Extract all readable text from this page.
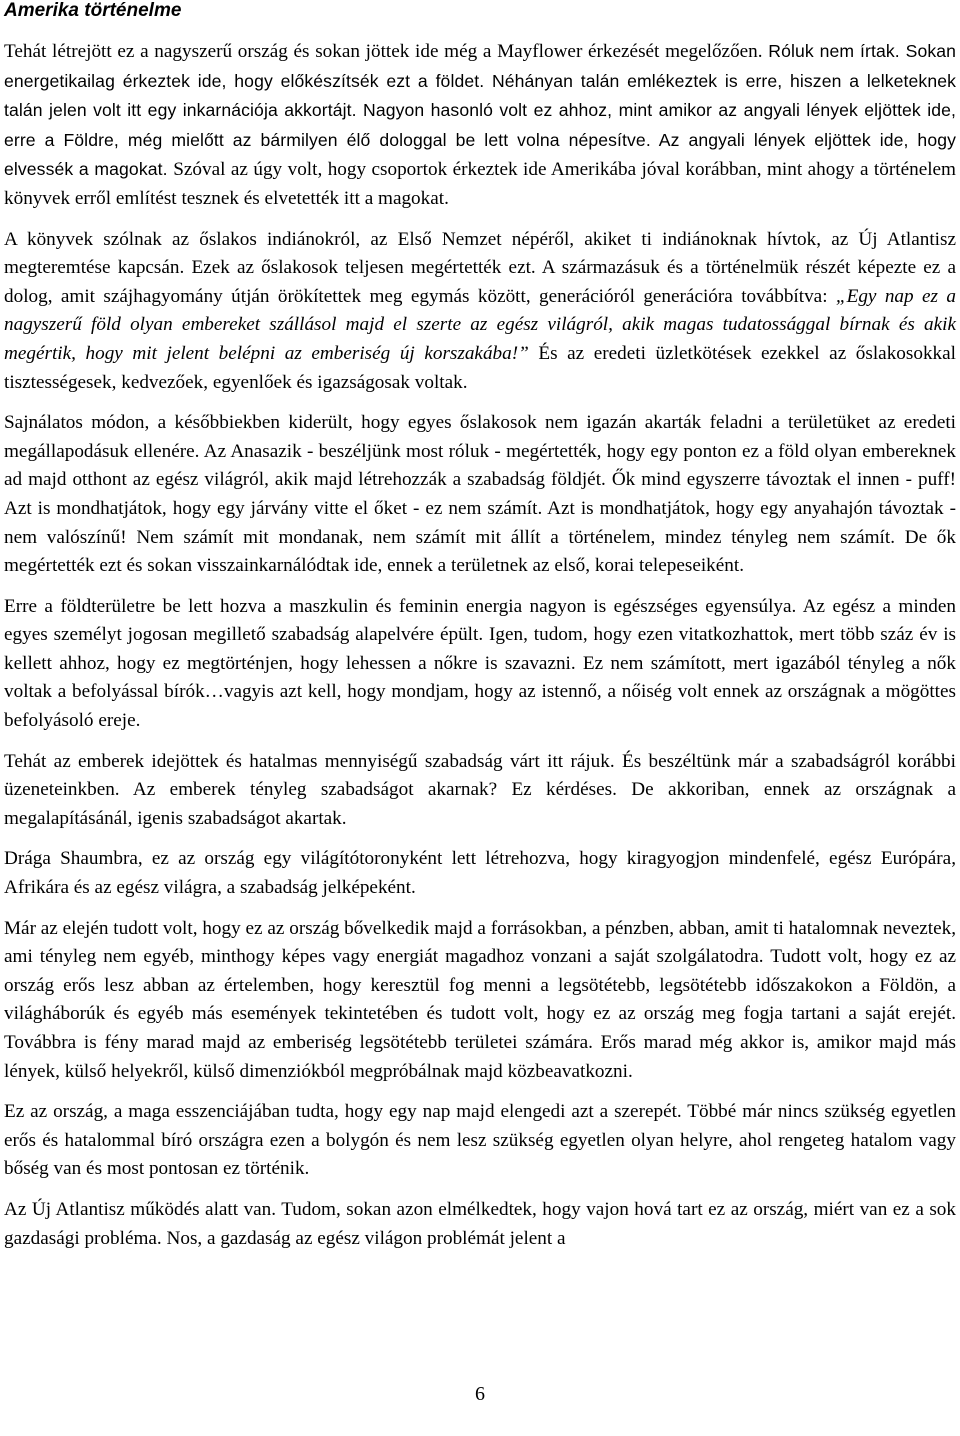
Amerika történelme

Tehát létrejött ez a nagyszerű ország és sokan jöttek ide még a Mayflower érkezését megelőzően. Róluk nem írtak. Sokan energetikailag érkeztek ide, hogy előkészítsék ezt a földet. Néhányan talán emlékeztek is erre, hiszen a lelketeknek talán jelen volt itt egy inkarnációja akkortájt. Nagyon hasonló volt ez ahhoz, mint amikor az angyali lények eljöttek ide, erre a Földre, még mielőtt az bármilyen élő dologgal be lett volna népesítve. Az angyali lények eljöttek ide, hogy elvessék a magokat. Szóval az úgy volt, hogy csoportok érkeztek ide Amerikába jóval korábban, mint ahogy a történelem könyvek erről említést tesznek és elvetették itt a magokat.

A könyvek szólnak az őslakos indiánokról, az Első Nemzet népéről, akiket ti indiánoknak hívtok, az Új Atlantisz megteremtése kapcsán. Ezek az őslakosok teljesen megértették ezt. A származásuk és a történelmük részét képezte ez a dolog, amit szájhagyomány útján örökítettek meg egymás között, generációról generációra továbbítva: „Egy nap ez a nagyszerű föld olyan embereket szállásol majd el szerte az egész világról, akik magas tudatossággal bírnak és akik megértik, hogy mit jelent belépni az emberiség új korszakába!” És az eredeti üzletkötések ezekkel az őslakosokkal tisztességesek, kedvezőek, egyenlőek és igazságosak voltak.

Sajnálatos módon, a későbbiekben kiderült, hogy egyes őslakosok nem igazán akarták feladni a területüket az eredeti megállapodásuk ellenére. Az Anasazik - beszéljünk most róluk - megértették, hogy egy ponton ez a föld olyan embereknek ad majd otthont az egész világról, akik majd létrehozzák a szabadság földjét. Ők mind egyszerre távoztak el innen - puff! Azt is mondhatjátok, hogy egy járvány vitte el őket - ez nem számít. Azt is mondhatjátok, hogy egy anyahajón távoztak - nem valószínű! Nem számít mit mondanak, nem számít mit állít a történelem, mindez tényleg nem számít. De ők megértették ezt és sokan visszainkarnálódtak ide, ennek a területnek az első, korai telepeseiként.

Erre a földterületre be lett hozva a maszkulin és feminin energia nagyon is egészséges egyensúlya. Az egész a minden egyes személyt jogosan megillető szabadság alapelvére épült. Igen, tudom, hogy ezen vitatkozhattok, mert több száz év is kellett ahhoz, hogy ez megtörténjen, hogy lehessen a nőkre is szavazni. Ez nem számított, mert igazából tényleg a nők voltak a befolyással bírók…vagyis azt kell, hogy mondjam, hogy az istennő, a nőiség volt ennek az országnak a mögöttes befolyásoló ereje.

Tehát az emberek idejöttek és hatalmas mennyiségű szabadság várt itt rájuk. És beszéltünk már a szabadságról korábbi üzeneteinkben. Az emberek tényleg szabadságot akarnak? Ez kérdéses. De akkoriban, ennek az országnak a megalapításánál, igenis szabadságot akartak.

Drága Shaumbra, ez az ország egy világítótoronyként lett létrehozva, hogy kiragyogjon mindenfelé, egész Európára, Afrikára és az egész világra, a szabadság jelképeként.

Már az elején tudott volt, hogy ez az ország bővelkedik majd a forrásokban, a pénzben, abban, amit ti hatalomnak neveztek, ami tényleg nem egyéb, minthogy képes vagy energiát magadhoz vonzani a saját szolgálatodra. Tudott volt, hogy ez az ország erős lesz abban az értelemben, hogy keresztül fog menni a legsötétebb, legsötétebb időszakokon a Földön, a világháborúk és egyéb más események tekintetében és tudott volt, hogy ez az ország meg fogja tartani a saját erejét. Továbbra is fény marad majd az emberiség legsötétebb területei számára. Erős marad még akkor is, amikor majd más lények, külső helyekről, külső dimenziókból megpróbálnak majd közbeavatkozni.

Ez az ország, a maga esszenciájában tudta, hogy egy nap majd elengedi azt a szerepét. Többé már nincs szükség egyetlen erős és hatalommal bíró országra ezen a bolygón és nem lesz szükség egyetlen olyan helyre, ahol rengeteg hatalom vagy bőség van és most pontosan ez történik.

Az Új Atlantisz működés alatt van. Tudom, sokan azon elmélkedtek, hogy vajon hová tart ez az ország, miért van ez a sok gazdasági probléma. Nos, a gazdaság az egész világon problémát jelent a

6
